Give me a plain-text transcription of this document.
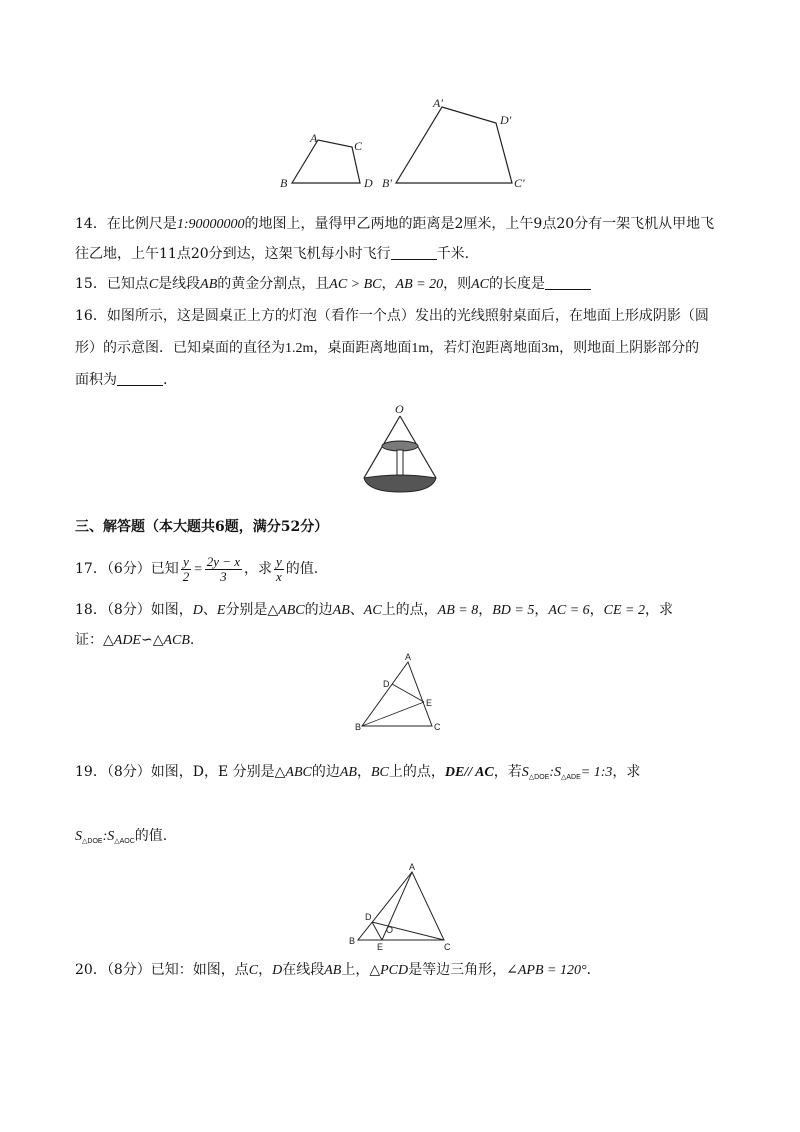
A
B
C
D
A′
B′	C′
D′
14．在比例尺是1:90000000的地图上，量得甲乙两地的距离是2厘米，上午9点20分有一架飞机从甲地飞
往乙地，上午11点20分到达，这架飞机每小时飞行	千米.
15．已知点C是线段AB的黄金分割点，且AC > BC，AB = 20，则AC的长度是
16．如图所示，这是圆桌正上方的灯泡（看作一个点）发出的光线照射桌面后，在地面上形成阴影（圆
形）的示意图．已知桌面的直径为1.2m，桌面距离地面1m，若灯泡距离地面3m，则地面上阴影部分的
面积为	.
O
三、解答题（本大题共6题，满分52分）
17．（6分）已知 $\frac{y}{2} = \frac{2y - x}{3}$ ，求 $\frac{y}{x}$ 的值.
18．（8分）如图，D、E分别是△ABC的边AB、AC上的点，AB = 8，BD = 5，AC = 6，CE = 2，求
证：△ADE∽△ACB.
A
B	C
D
E
19．（8分）如图，D，E 分别是△ABC的边AB，BC上的点，DE// AC，若$S_{\triangle DOE}:S_{\triangle ADE}=$ 1:3，求
$S_{\triangle DOE}:S_{\triangle AOC}$的值.
A
B
C
D
E
O
20．（8分）已知：如图，点C，D在线段AB上，△PCD是等边三角形，∠APB = 120°.
